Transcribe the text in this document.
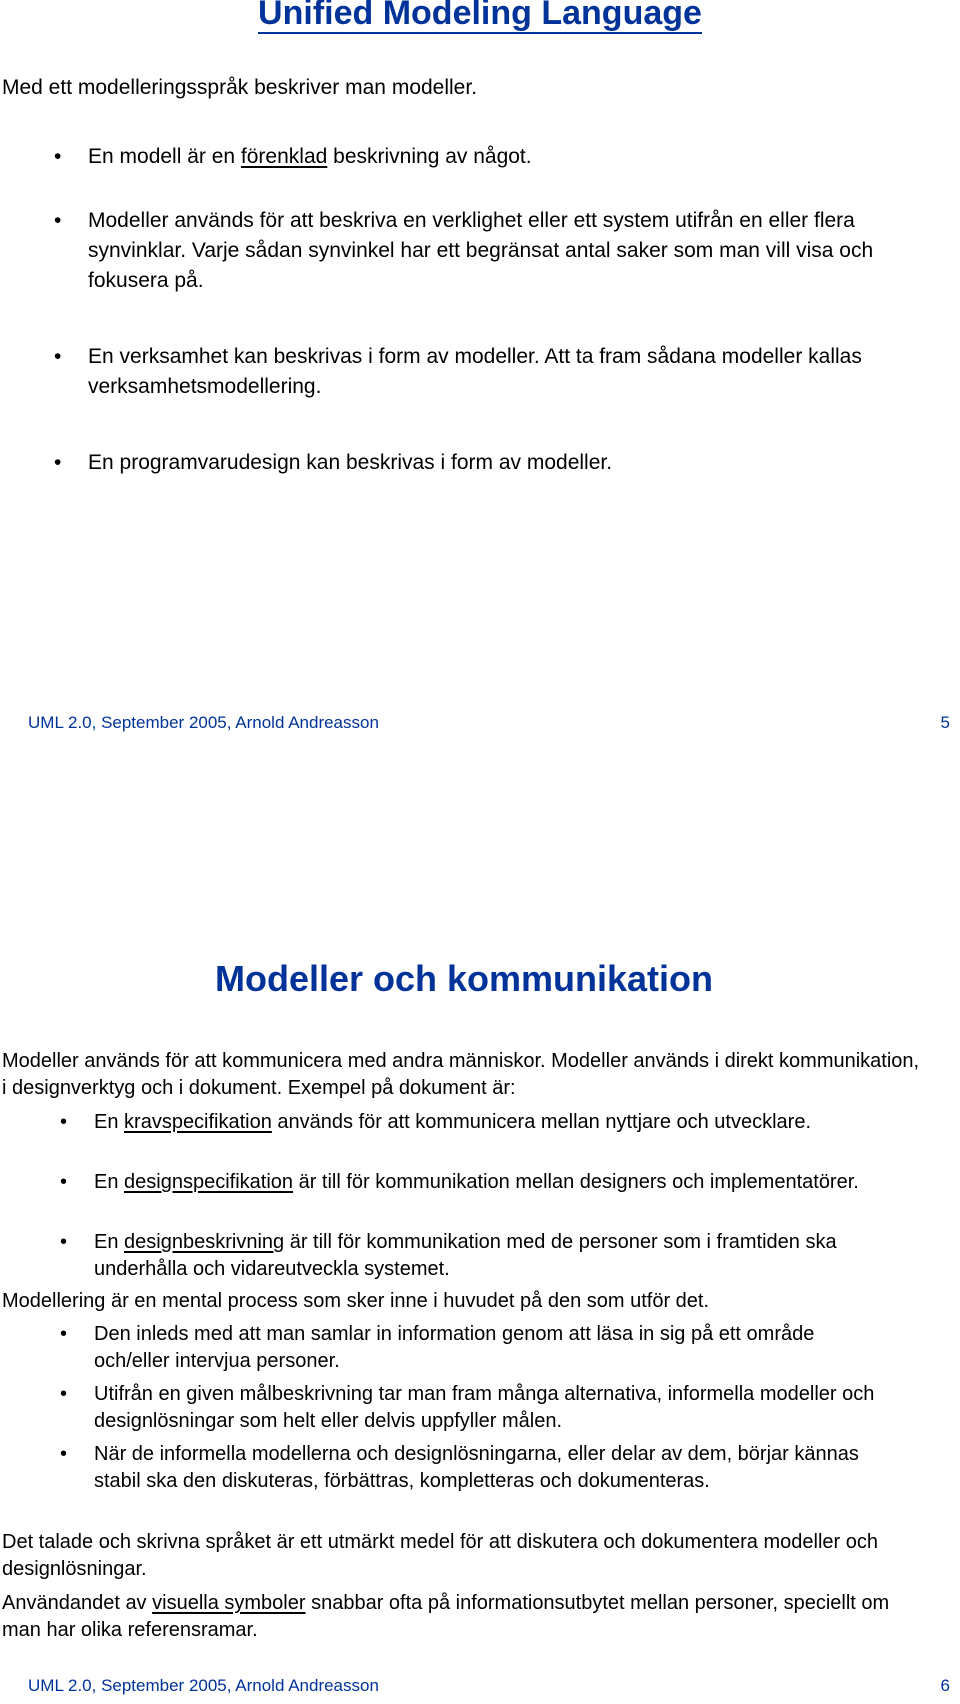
Unified Modeling Language

Med ett modelleringsspråk beskriver man modeller.

• En modell är en förenklad beskrivning av något.
• Modeller används för att beskriva en verklighet eller ett system utifrån en eller flera synvinklar. Varje sådan synvinkel har ett begränsat antal saker som man vill visa och fokusera på.
• En verksamhet kan beskrivas i form av modeller. Att ta fram sådana modeller kallas verksamhetsmodellering.
• En programvarudesign kan beskrivas i form av modeller.
UML 2.0, September 2005, Arnold Andreasson	5
Modeller och kommunikation

Modeller används för att kommunicera med andra människor. Modeller används i direkt kommunikation, i designverktyg och i dokument. Exempel på dokument är:

• En kravspecifikation används för att kommunicera mellan nyttjare och utvecklare.
• En designspecifikation är till för kommunikation mellan designers och implementatörer.
• En designbeskrivning är till för kommunikation med de personer som i framtiden ska underhålla och vidareutveckla systemet.

Modellering är en mental process som sker inne i huvudet på den som utför det.

• Den inleds med att man samlar in information genom att läsa in sig på ett område och/eller intervjua personer.
• Utifrån en given målbeskrivning tar man fram många alternativa, informella modeller och designlösningar som helt eller delvis uppfyller målen.
• När de informella modellerna och designlösningarna, eller delar av dem, börjar kännas stabil ska den diskuteras, förbättras, kompletteras och dokumenteras.

Det talade och skrivna språket är ett utmärkt medel för att diskutera och dokumentera modeller och designlösningar.

Användandet av visuella symboler snabbar ofta på informationsutbytet mellan personer, speciellt om man har olika referensramar.

UML 2.0, September 2005, Arnold Andreasson	6
